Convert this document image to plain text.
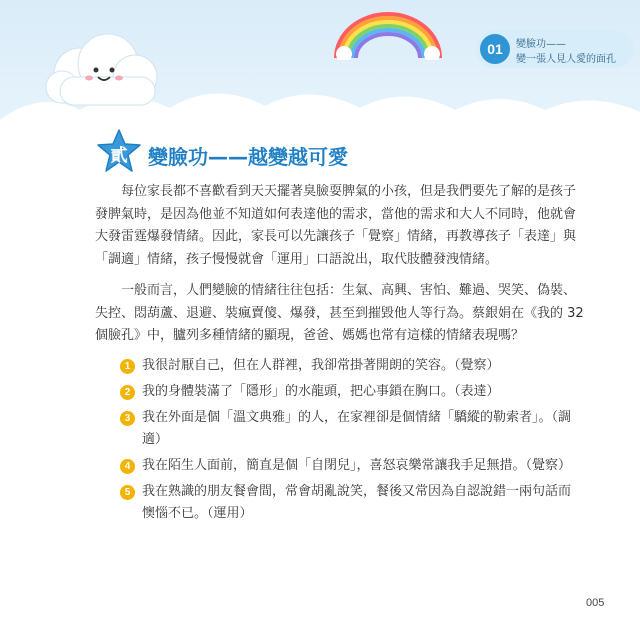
01	變臉功——
變一張人見人愛的面孔
貳	變臉功——越變越可愛
每位家長都不喜歡看到天天擺著臭臉耍脾氣的小孩，但是我們要先了解的是孩子
發脾氣時，是因為他並不知道如何表達他的需求，當他的需求和大人不同時，他就會
大發雷霆爆發情緒。因此，家長可以先讓孩子「覺察」情緒，再教導孩子「表達」與
「調適」情緒，孩子慢慢就會「運用」口語說出，取代肢體發洩情緒。
一般而言，人們變臉的情緒往往包括：生氣、高興、害怕、難過、哭笑、偽裝、
失控、悶葫蘆、退避、裝瘋賣傻、爆發，甚至到摧毀他人等行為。蔡銀娟在《我的 32
個臉孔》中，臚列多種情緒的顯現，爸爸、媽媽也常有這樣的情緒表現嗎？
1 我很討厭自己，但在人群裡，我卻常掛著開朗的笑容。（覺察）
2 我的身體裝滿了「隱形」的水龍頭，把心事鎖在胸口。（表達）
3 我在外面是個「溫文典雅」的人，在家裡卻是個情緒「驕縱的勒索者」。（調
適）
4 我在陌生人面前，簡直是個「自閉兒」，喜怒哀樂常讓我手足無措。（覺察）
5 我在熟識的朋友餐會間，常會胡亂說笑，餐後又常因為自認說錯一兩句話而
懊惱不已。（運用）
005
